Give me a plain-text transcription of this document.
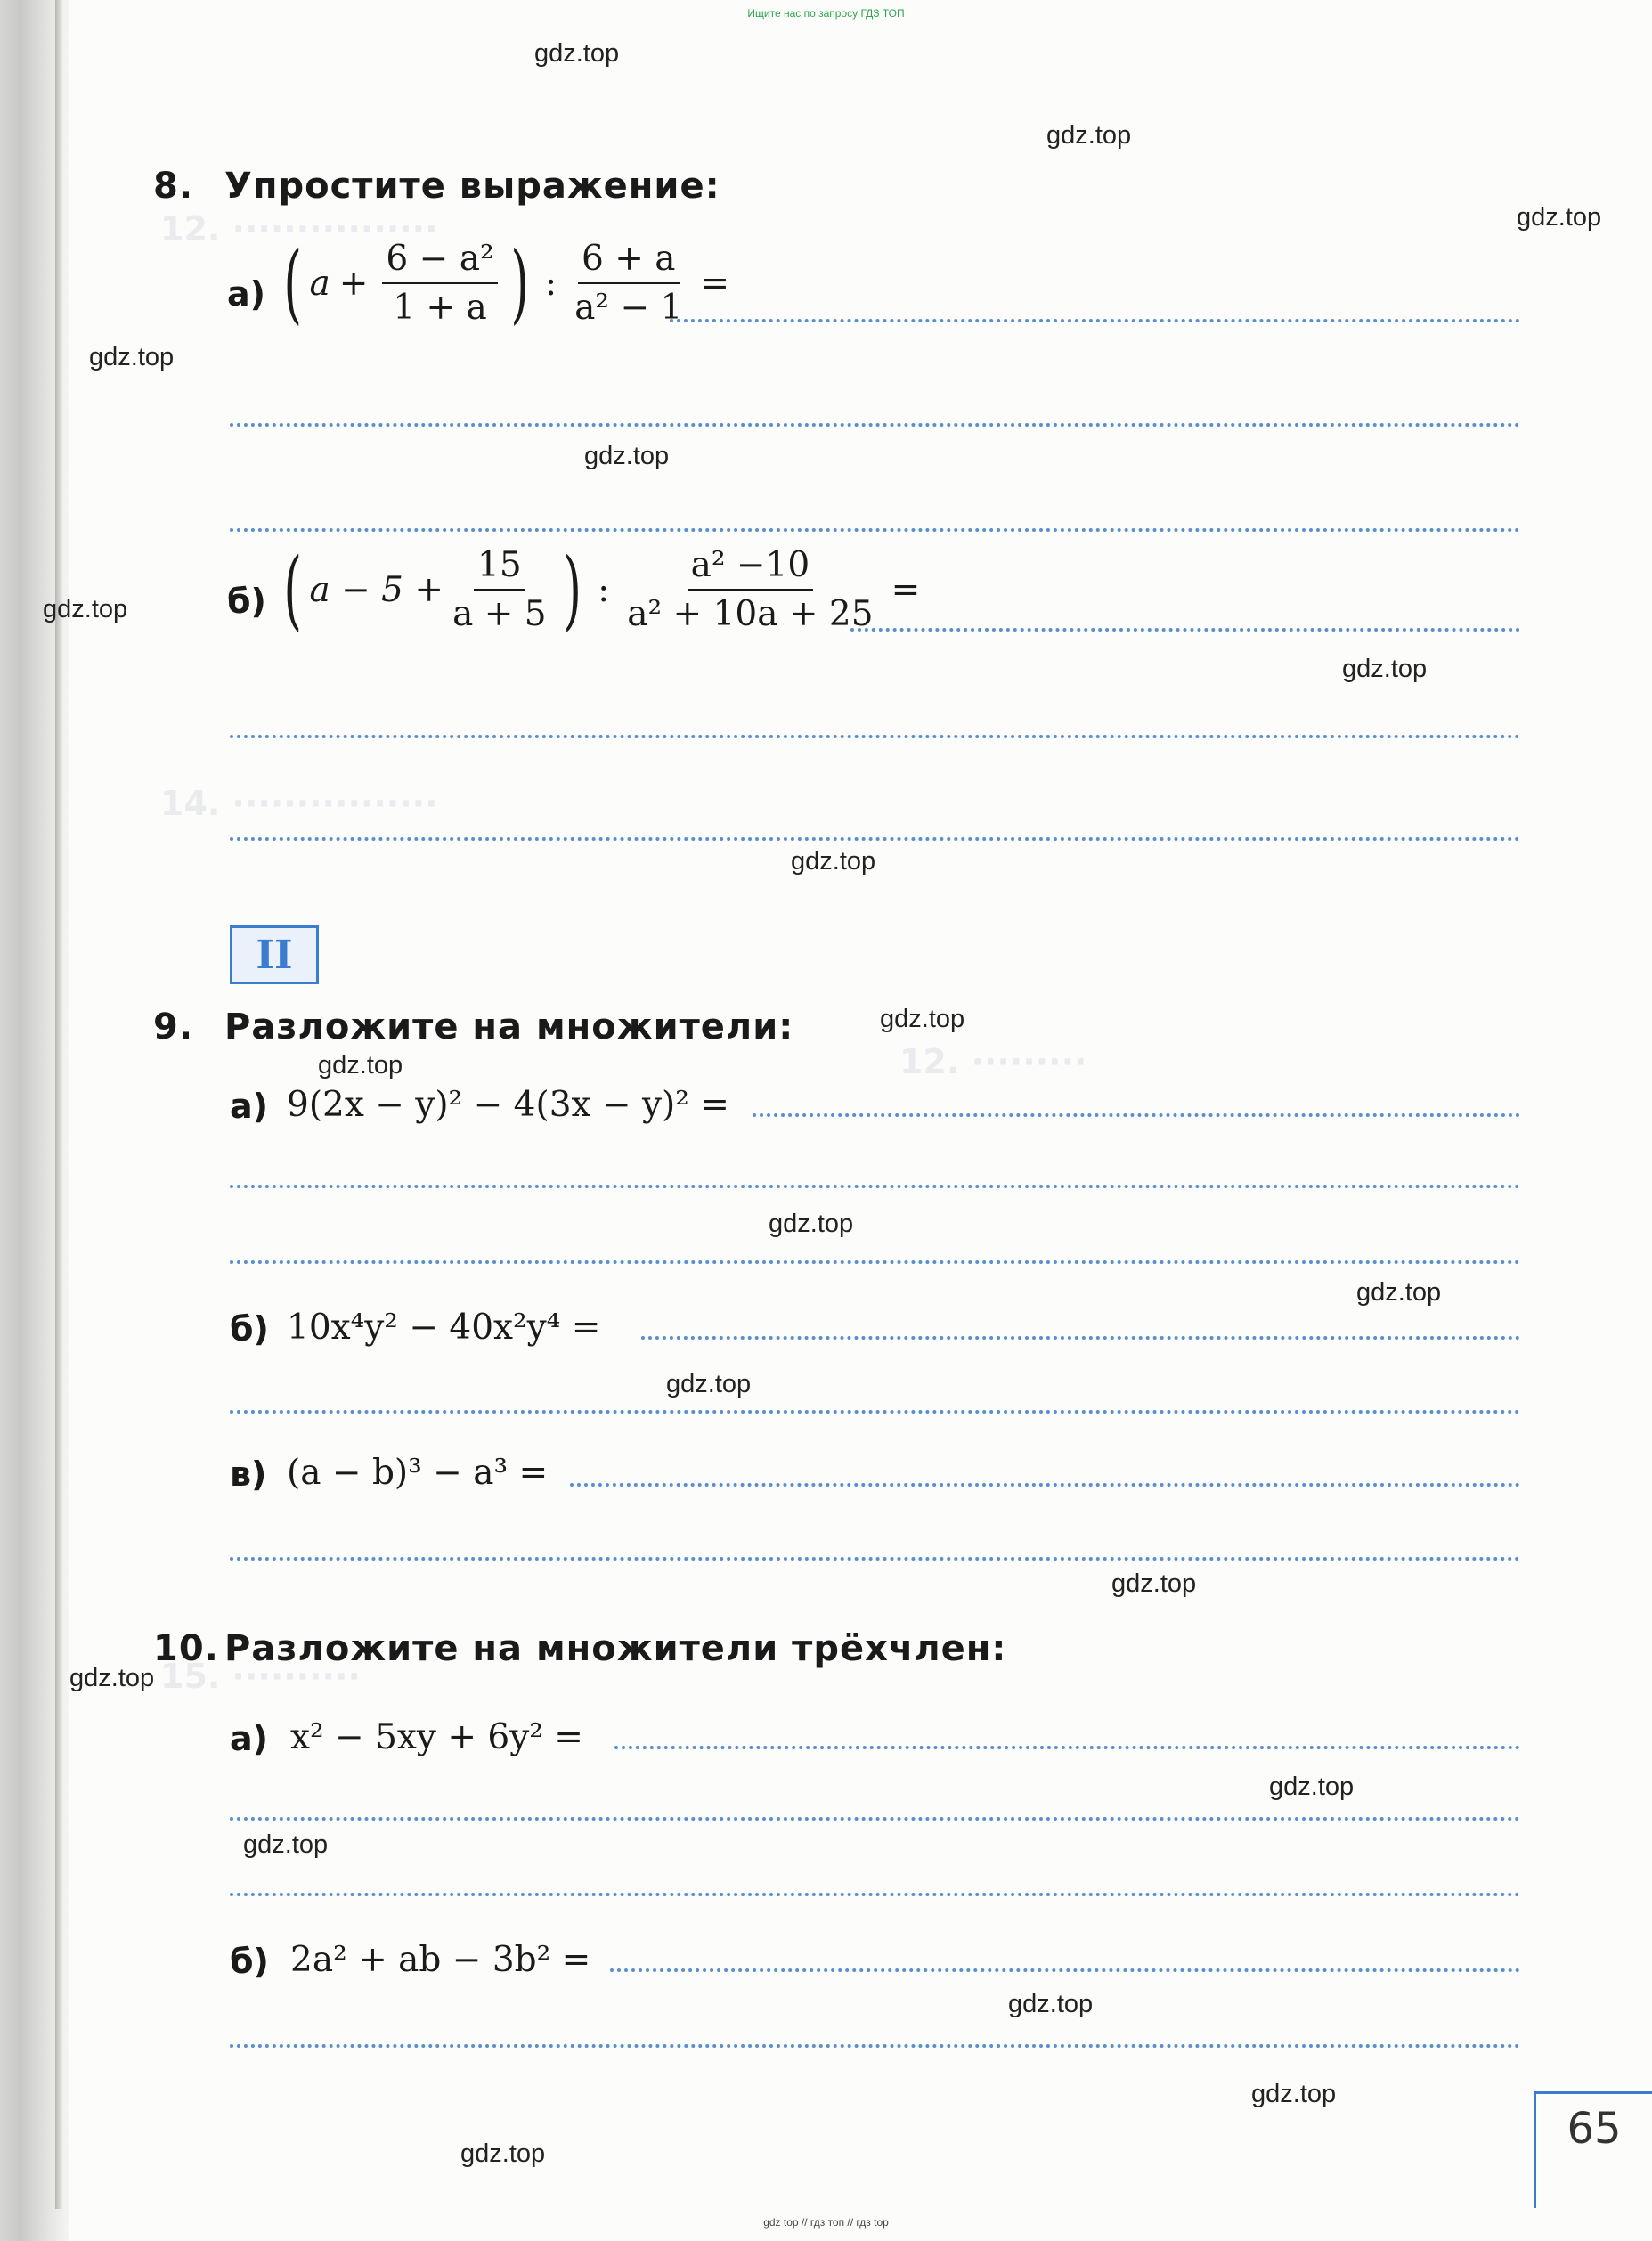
Ищите нас по запросу ГДЗ ТОП
12. ················
14. ················
12. ·········
15. ··········
8. Упростите выражение:
а) ( $a + \frac{\text{6 − a²}}{1 + a}$ ) : $\frac{6 + a}{\text{a² − 1}}$ =
б) ( $a - 5 + \frac{15}{a + 5}$ ) : $\frac{\text{a² −10}}{\text{a² + 10a + 25}}$ =
II
9. Разложите на множители:
а) 9(2x − y)² − 4(3x − y)² =
б) 10x⁴y² − 40x²y⁴ =
в) (a − b)³ − a³ =
10. Разложите на множители трёхчлен:
а) x² − 5xy + 6y² =
б) 2a² + ab − 3b² =
65
gdz.top
gdz.top
gdz.top
gdz.top
gdz.top
gdz.top
gdz.top
gdz.top
gdz.top
gdz.top
gdz.top
gdz.top
gdz.top
gdz.top
gdz.top
gdz.top
gdz.top
gdz.top
gdz.top
gdz.top
gdz top // гдз топ // гдз top
